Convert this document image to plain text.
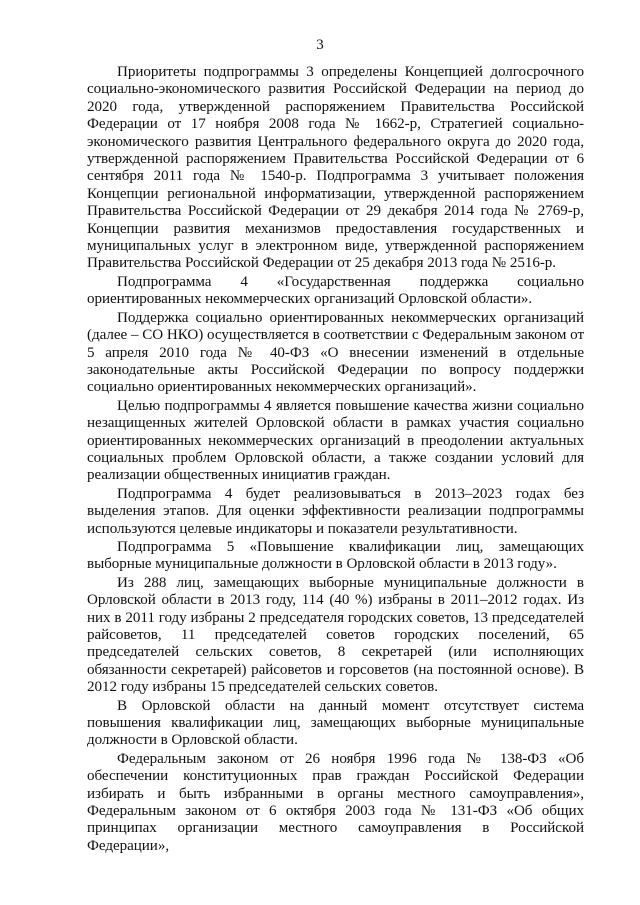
3

Приоритеты подпрограммы 3 определены Концепцией долгосрочного социально-экономического развития Российской Федерации на период до 2020 года, утвержденной распоряжением Правительства Российской Федерации от 17 ноября 2008 года № 1662-р, Стратегией социально-экономического развития Центрального федерального округа до 2020 года, утвержденной распоряжением Правительства Российской Федерации от 6 сентября 2011 года № 1540-р. Подпрограмма 3 учитывает положения Концепции региональной информатизации, утвержденной распоряжением Правительства Российской Федерации от 29 декабря 2014 года № 2769-р, Концепции развития механизмов предоставления государственных и муниципальных услуг в электронном виде, утвержденной распоряжением Правительства Российской Федерации от 25 декабря 2013 года № 2516-р.

Подпрограмма 4 «Государственная поддержка социально ориентированных некоммерческих организаций Орловской области».

Поддержка социально ориентированных некоммерческих организаций (далее – СО НКО) осуществляется в соответствии с Федеральным законом от 5 апреля 2010 года № 40-ФЗ «О внесении изменений в отдельные законодательные акты Российской Федерации по вопросу поддержки социально ориентированных некоммерческих организаций».

Целью подпрограммы 4 является повышение качества жизни социально незащищенных жителей Орловской области в рамках участия социально ориентированных некоммерческих организаций в преодолении актуальных социальных проблем Орловской области, а также создании условий для реализации общественных инициатив граждан.

Подпрограмма 4 будет реализовываться в 2013–2023 годах без выделения этапов. Для оценки эффективности реализации подпрограммы используются целевые индикаторы и показатели результативности.

Подпрограмма 5 «Повышение квалификации лиц, замещающих выборные муниципальные должности в Орловской области в 2013 году».

Из 288 лиц, замещающих выборные муниципальные должности в Орловской области в 2013 году, 114 (40 %) избраны в 2011–2012 годах. Из них в 2011 году избраны 2 председателя городских советов, 13 председателей райсоветов, 11 председателей советов городских поселений, 65 председателей сельских советов, 8 секретарей (или исполняющих обязанности секретарей) райсоветов и горсоветов (на постоянной основе). В 2012 году избраны 15 председателей сельских советов.

В Орловской области на данный момент отсутствует система повышения квалификации лиц, замещающих выборные муниципальные должности в Орловской области.

Федеральным законом от 26 ноября 1996 года № 138-ФЗ «Об обеспечении конституционных прав граждан Российской Федерации избирать и быть избранными в органы местного самоуправления», Федеральным законом от 6 октября 2003 года № 131-ФЗ «Об общих принципах организации местного самоуправления в Российской Федерации»,
